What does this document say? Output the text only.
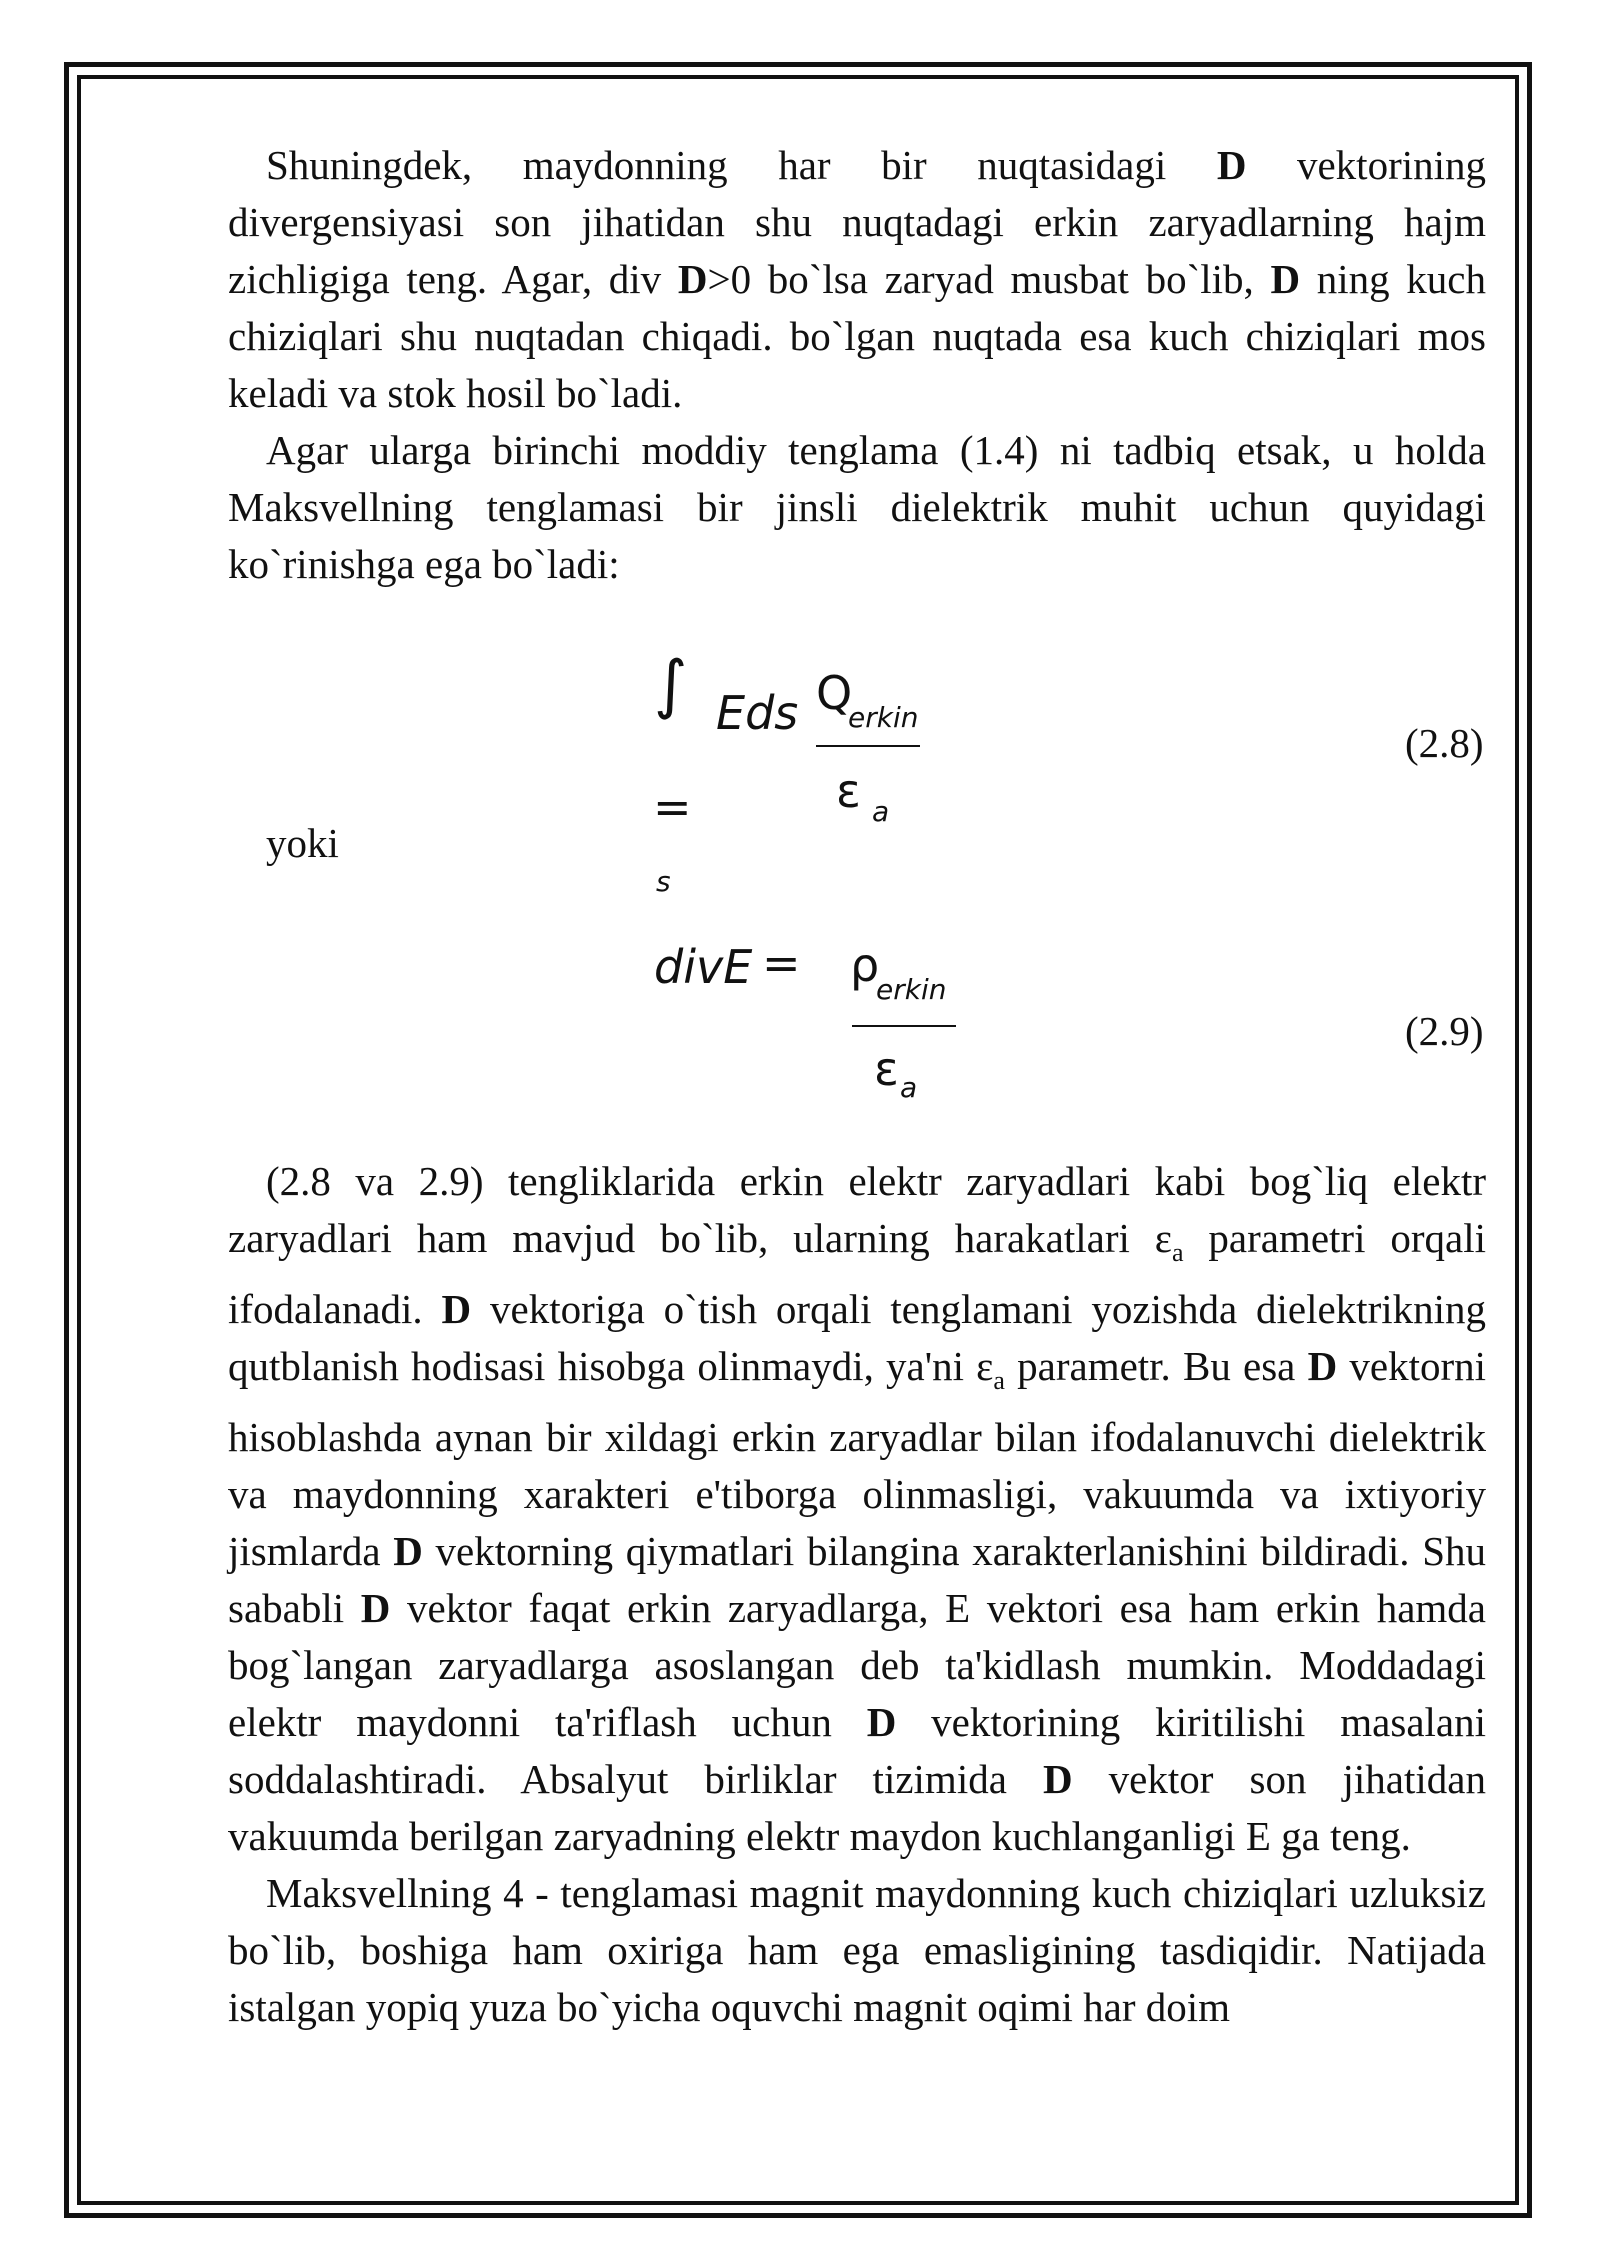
Shuningdek, maydonning har bir nuqtasidagi D vektorining divergensiyasi son jihatidan shu nuqtadagi erkin zaryadlarning hajm zichligiga teng. Agar, div D>0 bo`lsa zaryad musbat bo`lib, D ning kuch chiziqlari shu nuqtadan chiqadi. bo`lgan nuqtada esa kuch chiziqlari mos keladi va stok hosil bo`ladi.

Agar ularga birinchi moddiy tenglama (1.4) ni tadbiq etsak, u holda Maksvellning tenglamasi bir jinsli dielektrik muhit uchun quyidagi ko`rinishga ega bo`ladi:

∫ Eds
=
s
Q
erkin
ε a
(2.8)
yoki
divE = ρ
erkin
ε a
(2.9)

(2.8 va 2.9) tengliklarida erkin elektr zaryadlari kabi bog`liq elektr zaryadlari ham mavjud bo`lib, ularning harakatlari $\varepsilon_a$ parametri orqali ifodalanadi. D vektoriga o`tish orqali tenglamani yozishda dielektrikning qutblanish hodisasi hisobga olinmaydi, ya'ni $\varepsilon_a$ parametr. Bu esa D vektorni hisoblashda aynan bir xildagi erkin zaryadlar bilan ifodalanuvchi dielektrik va maydonning xarakteri e'tiborga olinmasligi, vakuumda va ixtiyoriy jismlarda D vektorning qiymatlari bilangina xarakterlanishini bildiradi. Shu sababli D vektor faqat erkin zaryadlarga, E vektori esa ham erkin hamda bog`langan zaryadlarga asoslangan deb ta'kidlash mumkin. Moddadagi elektr maydonni ta'riflash uchun D vektorining kiritilishi masalani soddalashtiradi. Absalyut birliklar tizimida D vektor son jihatidan vakuumda berilgan zaryadning elektr maydon kuchlanganligi E ga teng.

Maksvellning 4 - tenglamasi magnit maydonning kuch chiziqlari uzluksiz bo`lib, boshiga ham oxiriga ham ega emasligining tasdiqidir. Natijada istalgan yopiq yuza bo`yicha oquvchi magnit oqimi har doim
